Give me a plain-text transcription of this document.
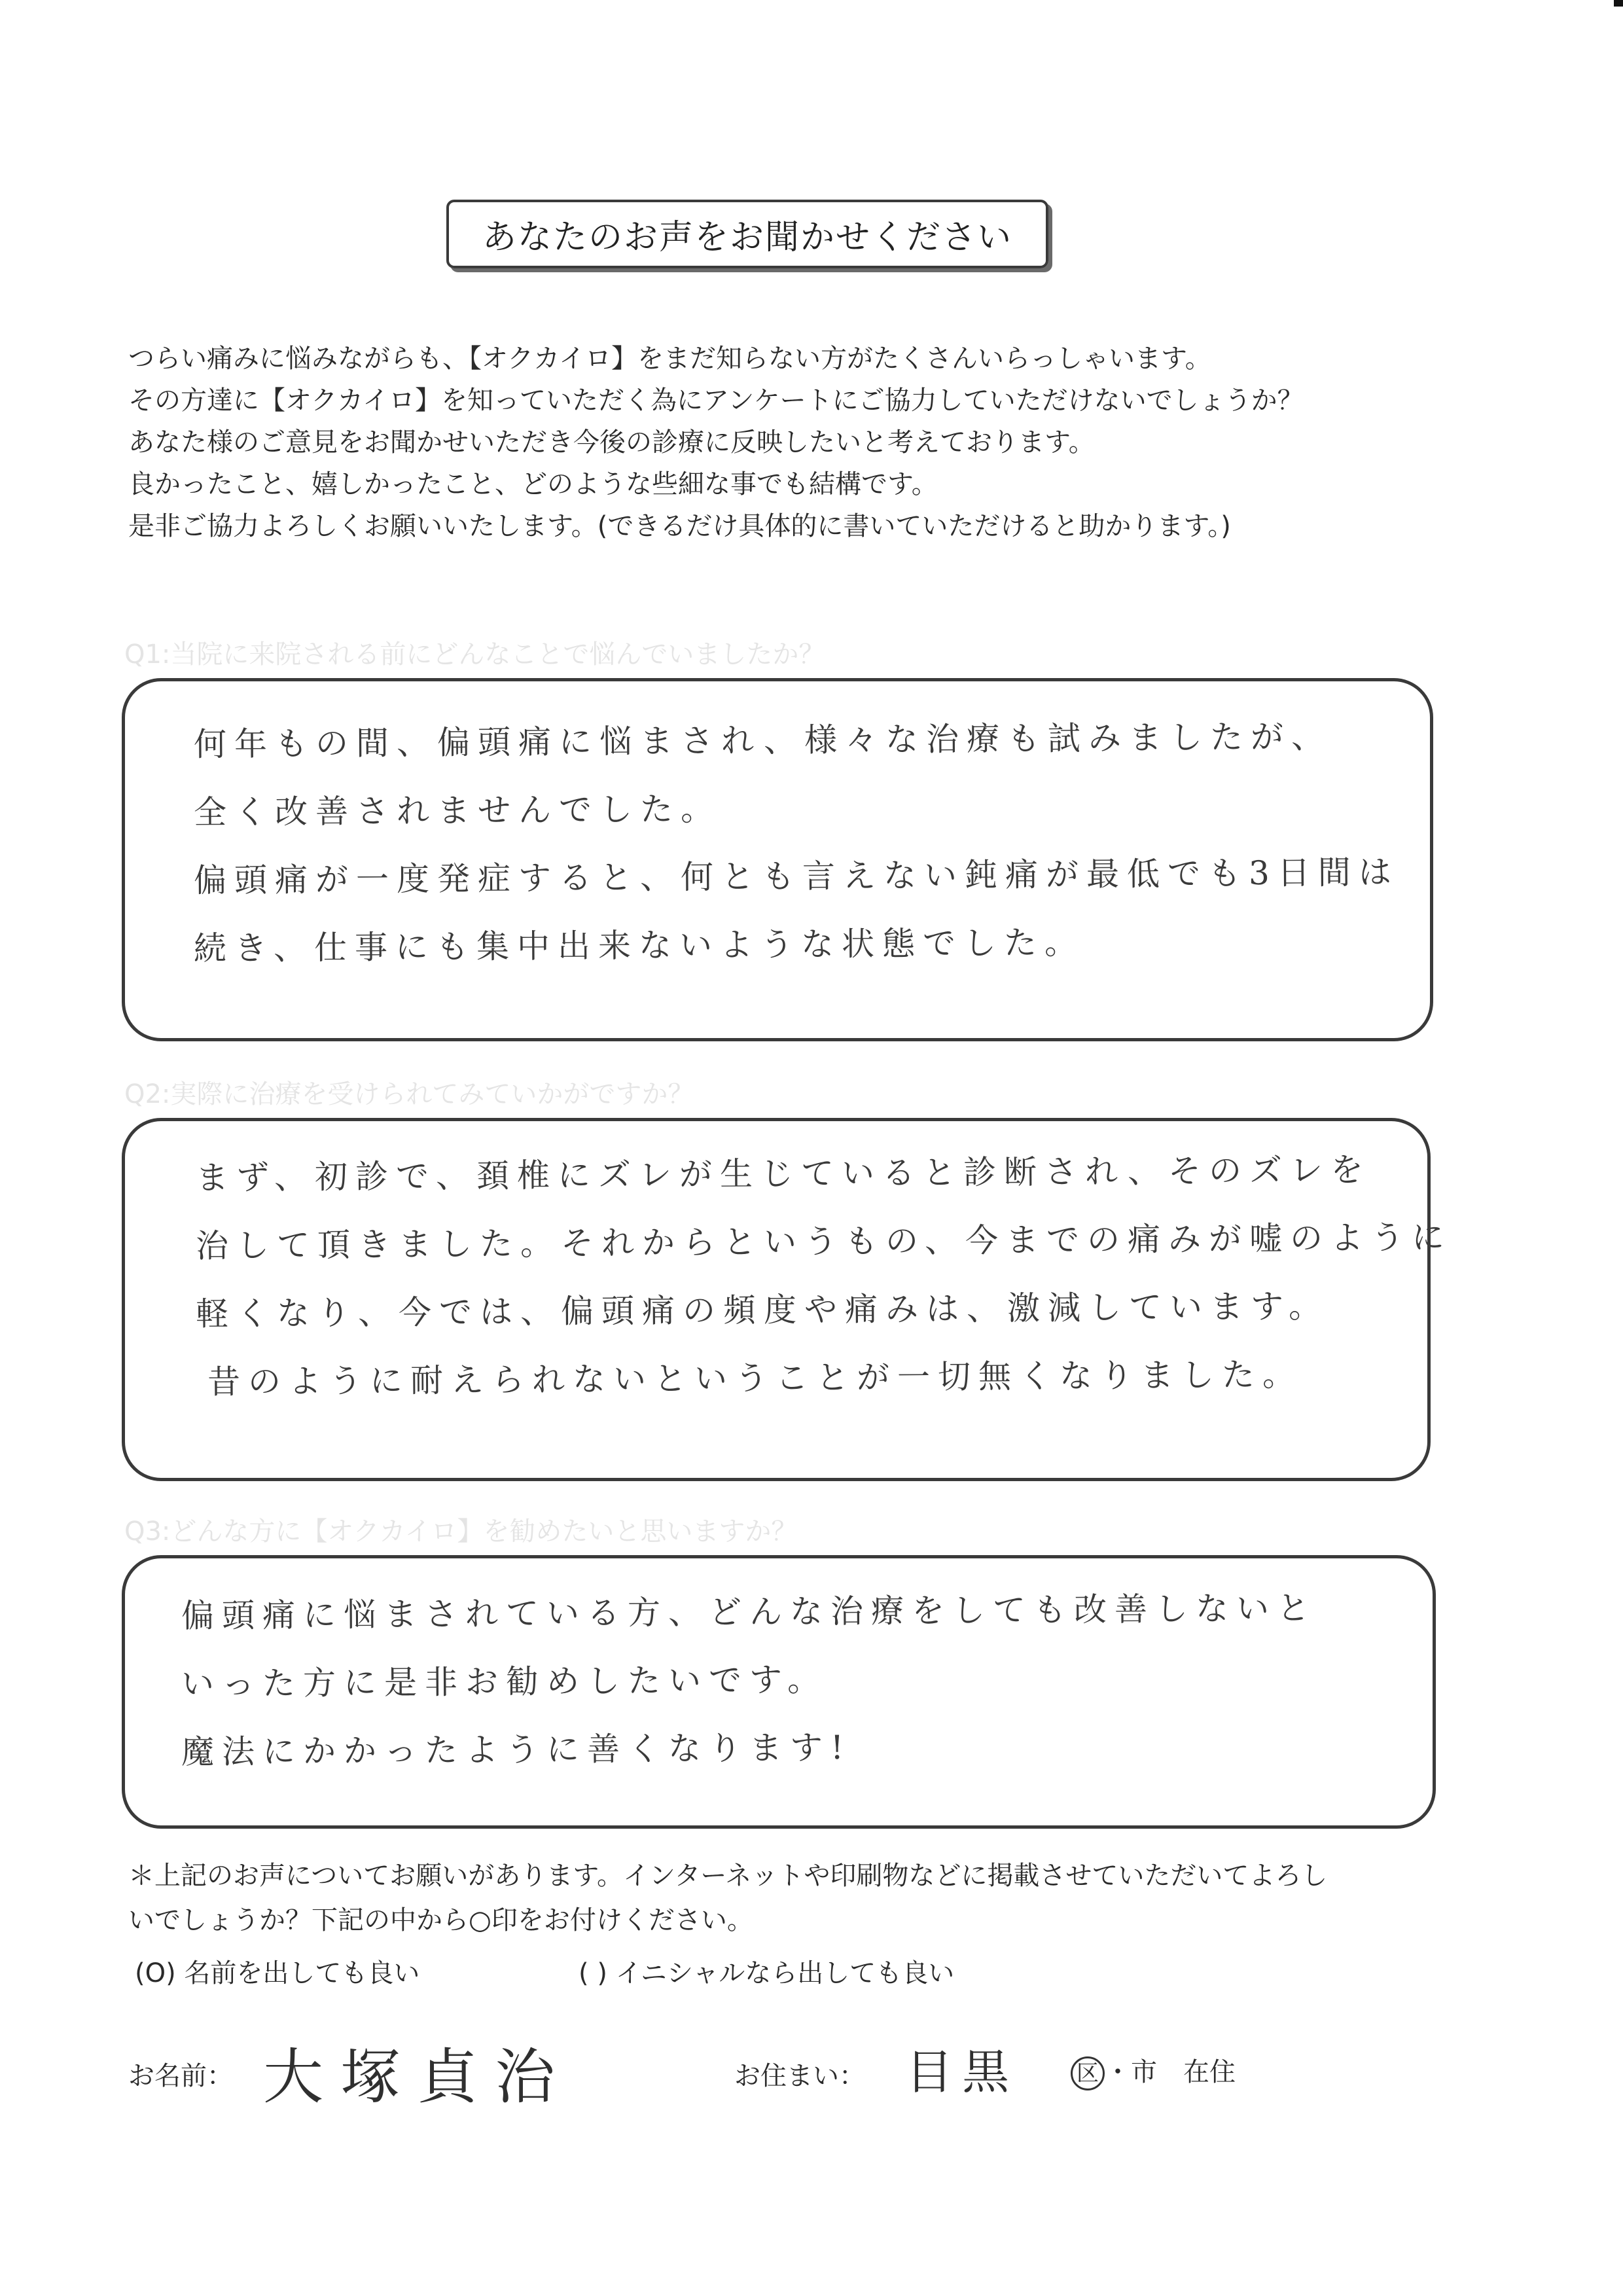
あなたのお声をお聞かせください
つらい痛みに悩みながらも、【オクカイロ】をまだ知らない方がたくさんいらっしゃいます。
その方達に【オクカイロ】を知っていただく為にアンケートにご協力していただけないでしょうか？
あなた様のご意見をお聞かせいただき今後の診療に反映したいと考えております。
良かったこと、嬉しかったこと、どのような些細な事でも結構です。
是非ご協力よろしくお願いいたします。(できるだけ具体的に書いていただけると助かります。)
Q1:当院に来院される前にどんなことで悩んでいましたか？
何年もの間、偏頭痛に悩まされ、様々な治療も試みましたが、
全く改善されませんでした。
偏頭痛が一度発症すると、何とも言えない鈍痛が最低でも3日間は
続き、仕事にも集中出来ないような状態でした。
Q2:実際に治療を受けられてみていかがですか？
まず、初診で、頚椎にズレが生じていると診断され、そのズレを
治して頂きました。それからというもの、今までの痛みが嘘のように
軽くなり、今では、偏頭痛の頻度や痛みは、激減しています。
昔のように耐えられないということが一切無くなりました。
Q3:どんな方に【オクカイロ】を勧めたいと思いますか？
偏頭痛に悩まされている方、どんな治療をしても改善しないと
いった方に是非お勧めしたいです。
魔法にかかったように善くなります!
＊上記のお声についてお願いがあります。インターネットや印刷物などに掲載させていただいてよろし
いでしょうか？下記の中から○印をお付けください。
(O) 名前を出しても良い	( ) イニシャルなら出しても良い
お名前： 大塚貞治	お住まい： 目黒	区 ・市　在住
